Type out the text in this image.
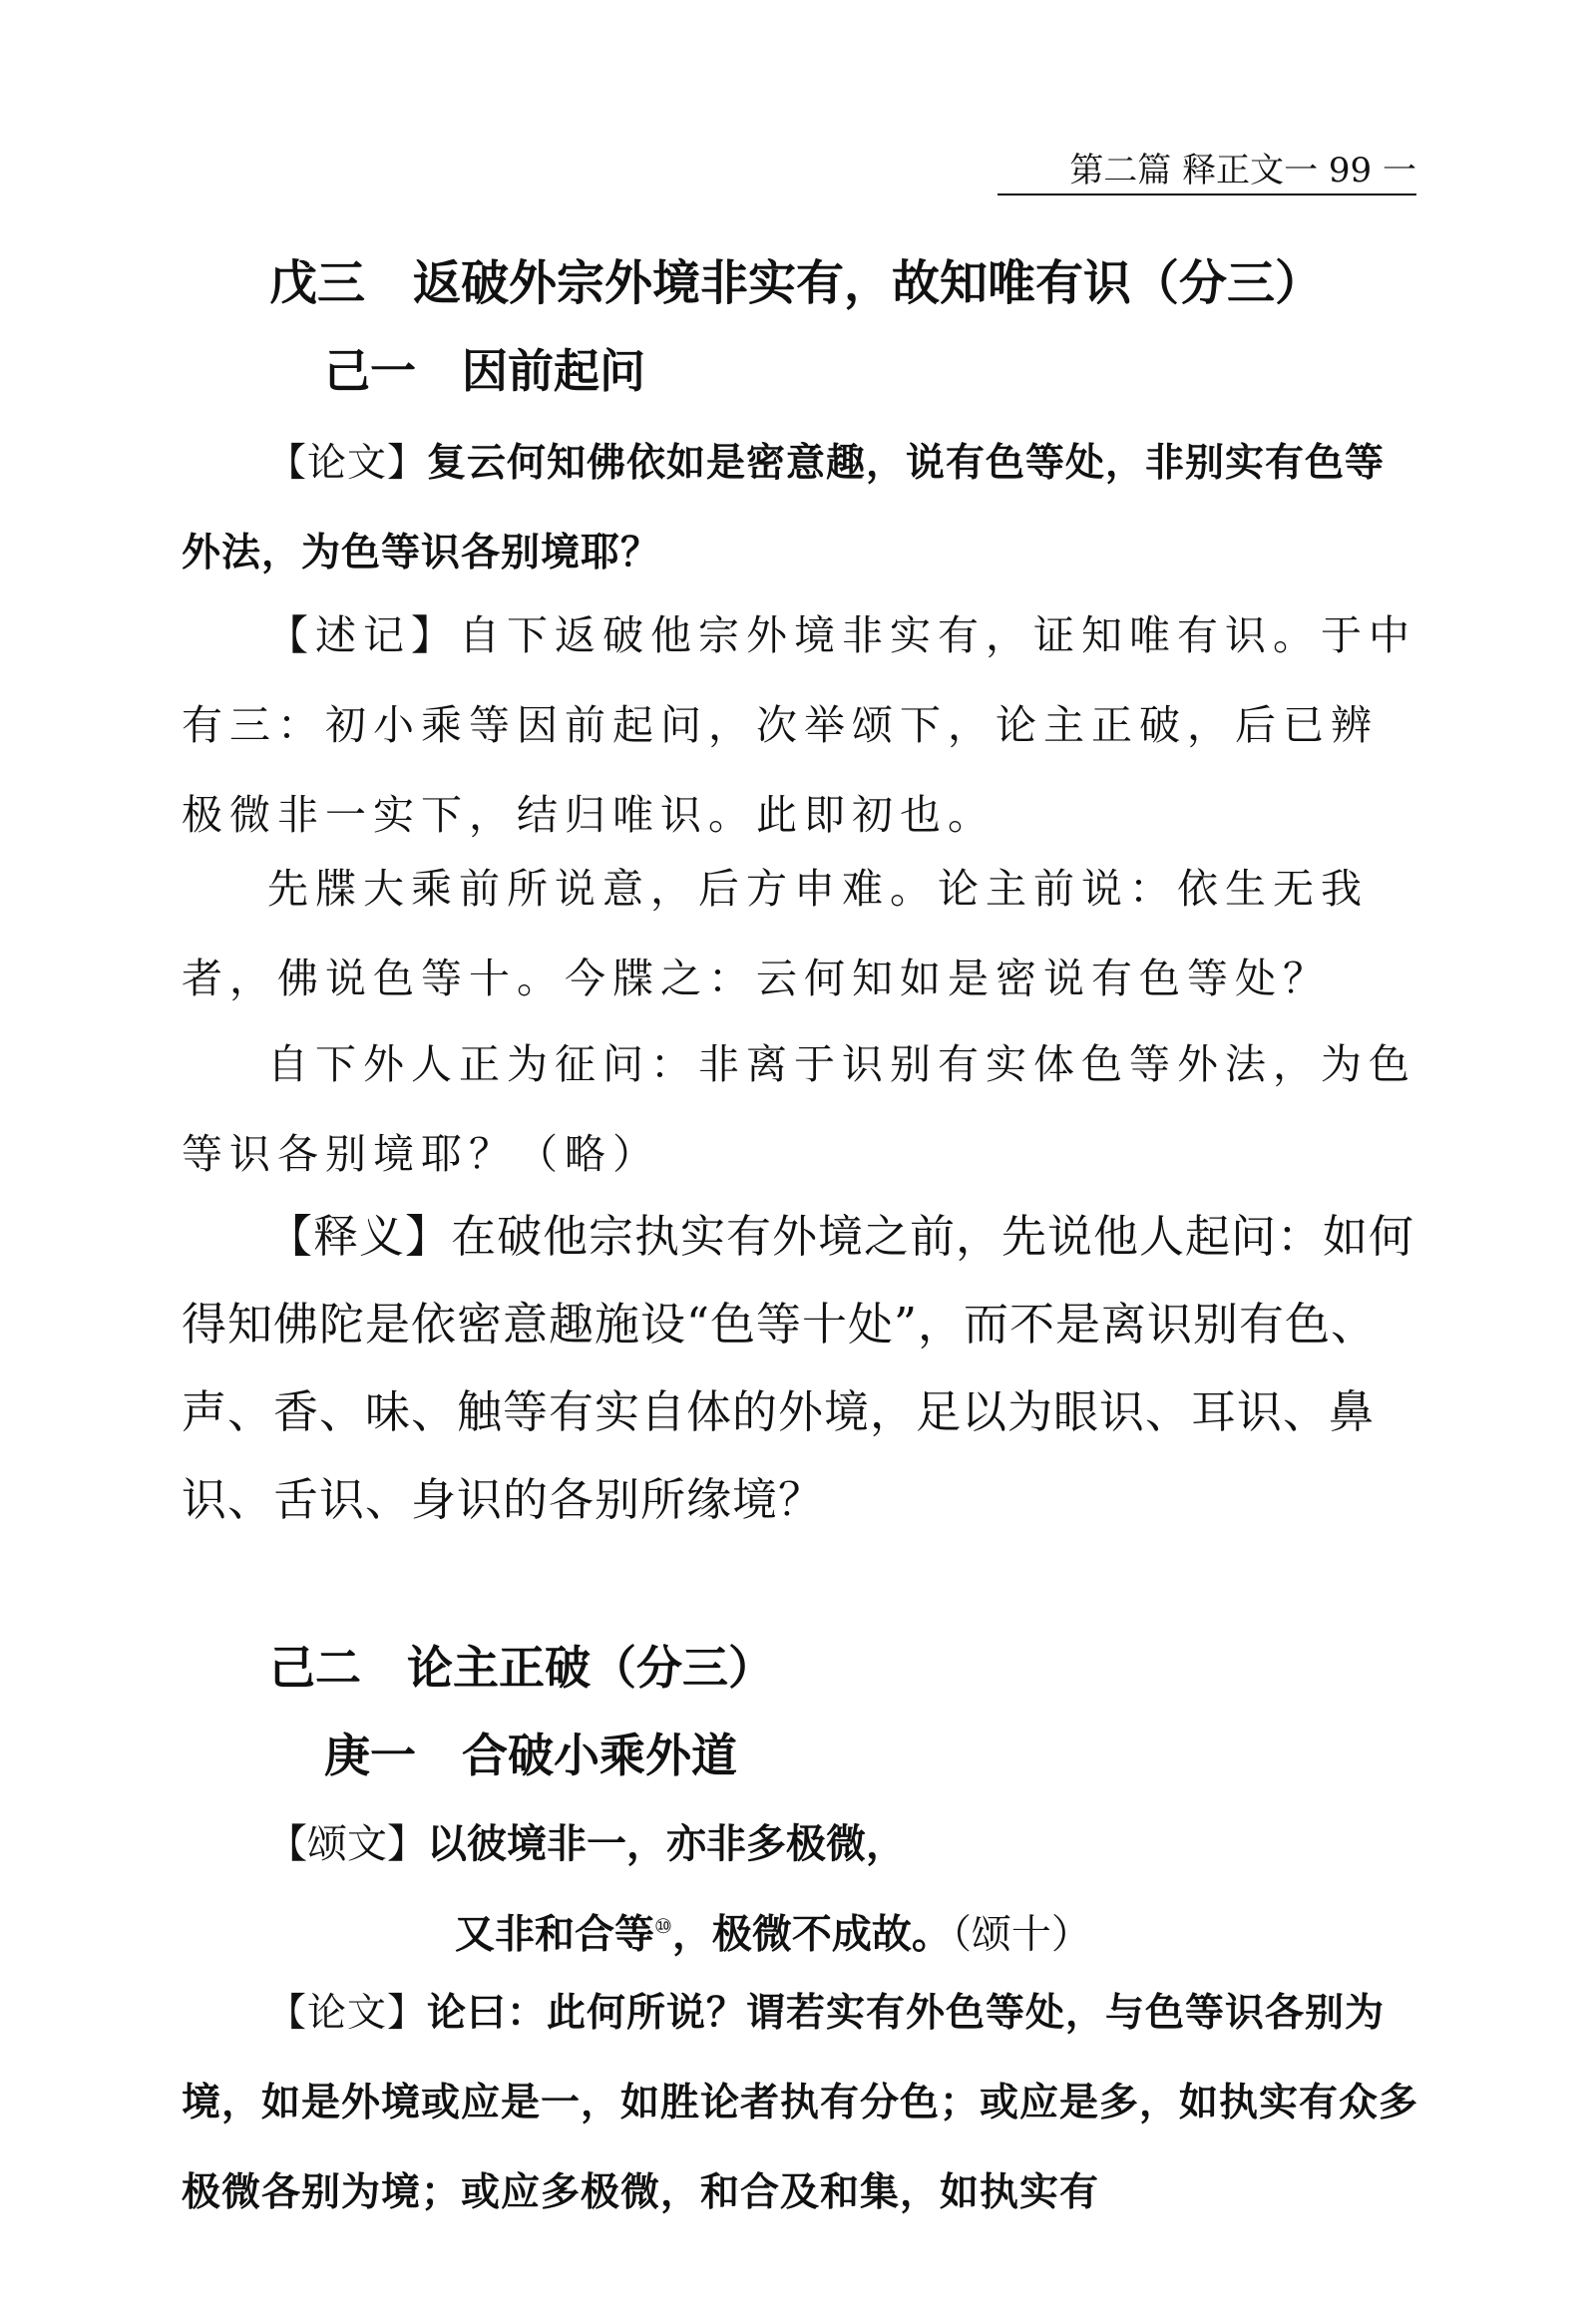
第二篇 释正文一 99 一
戊三　返破外宗外境非实有，故知唯有识（分三）
己一　因前起问

【论文】复云何知佛依如是密意趣，说有色等处，非别实有色等外法，为色等识各别境耶？

【述记】自下返破他宗外境非实有，证知唯有识。于中有三：初小乘等因前起问，次举颂下，论主正破，后已辨极微非一实下，结归唯识。此即初也。

先牒大乘前所说意，后方申难。论主前说：依生无我者，佛说色等十。今牒之：云何知如是密说有色等处？

自下外人正为征问：非离于识别有实体色等外法，为色等识各别境耶？（略）

【释义】在破他宗执实有外境之前，先说他人起问：如何得知佛陀是依密意趣施设“色等十处”，而不是离识别有色、声、香、味、触等有实自体的外境，足以为眼识、耳识、鼻识、舌识、身识的各别所缘境？

己二　论主正破（分三）
庚一　合破小乘外道
【颂文】以彼境非一，亦非多极微，
又非和合等⑩，极微不成故。（颂十）

【论文】论曰：此何所说？谓若实有外色等处，与色等识各别为境，如是外境或应是一，如胜论者执有分色；或应是多，如执实有众多极微各别为境；或应多极微，和合及和集，如执实有
